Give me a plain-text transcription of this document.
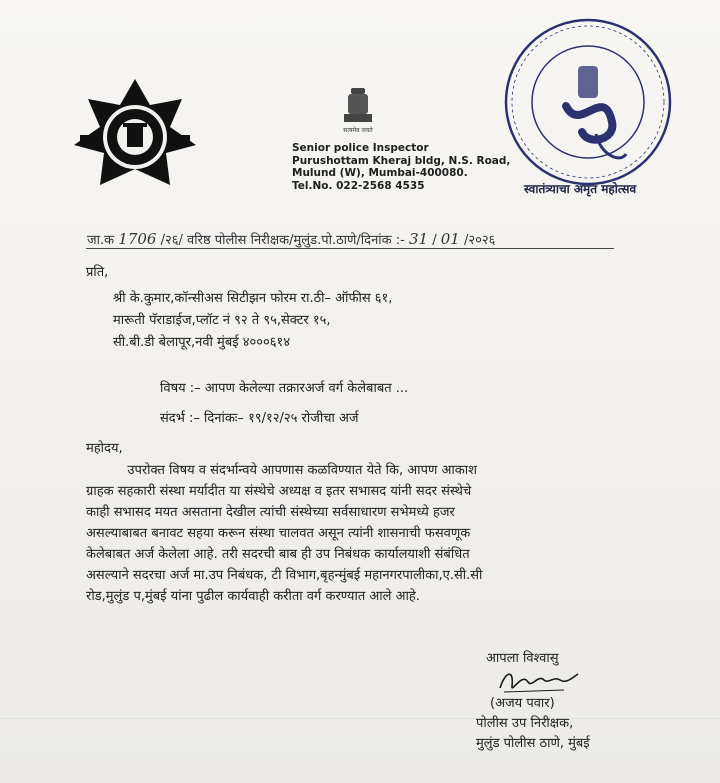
सत्यमेव जयते
स्वातंत्र्याचा अमृत महोत्सव
Senior police Inspector
Purushottam Kheraj bldg, N.S. Road,
Mulund (W), Mumbai-400080.
Tel.No. 022-2568 4535
जा.क 1706 /२६/ वरिष्ठ पोलीस निरीक्षक/मुलुंड.पो.ठाणे/दिनांक :- 31 / 01 /२०२६
प्रति,
श्री के.कुमार,कॉन्सीअस सिटीझन फोरम रा.ठी– ऑफीस ६१,
मारूती पॅराडाईज,प्लॉट नं ९२ ते ९५,सेक्टर १५,
सी.बी.डी बेलापूर,नवी मुंबई ४०००६१४
विषय :– आपण केलेल्या तक्रारअर्ज वर्ग केलेबाबत ...
संदर्भ :– दिनांकः– १९/१२/२५ रोजीचा अर्ज
महोदय,
उपरोक्त विषय व संदर्भान्वये आपणास कळविण्यात येते कि, आपण आकाश
ग्राहक सहकारी संस्था मर्यादीत या संस्थेचे अध्यक्ष व इतर सभासद यांनी सदर संस्थेचे
काही सभासद मयत असताना देखील त्यांची संस्थेच्या सर्वसाधारण सभेमध्ये हजर
असल्याबाबत बनावट सहया करून संस्था चालवत असून त्यांनी शासनाची फसवणूक
केलेबाबत अर्ज केलेला आहे. तरी सदरची बाब ही उप निबंधक कार्यालयाशी संबंधित
असल्याने सदरचा अर्ज मा.उप निबंधक, टी विभाग,बृहन्मुंबई महानगरपालीका,ए.सी.सी
रोड,मुलुंड प,मुंबई यांना पुढील कार्यवाही करीता वर्ग करण्यात आले आहे.
आपला विश्वासु
(अजय पवार)
पोलीस उप निरीक्षक,
मुलुंड पोलीस ठाणे, मुंबई
